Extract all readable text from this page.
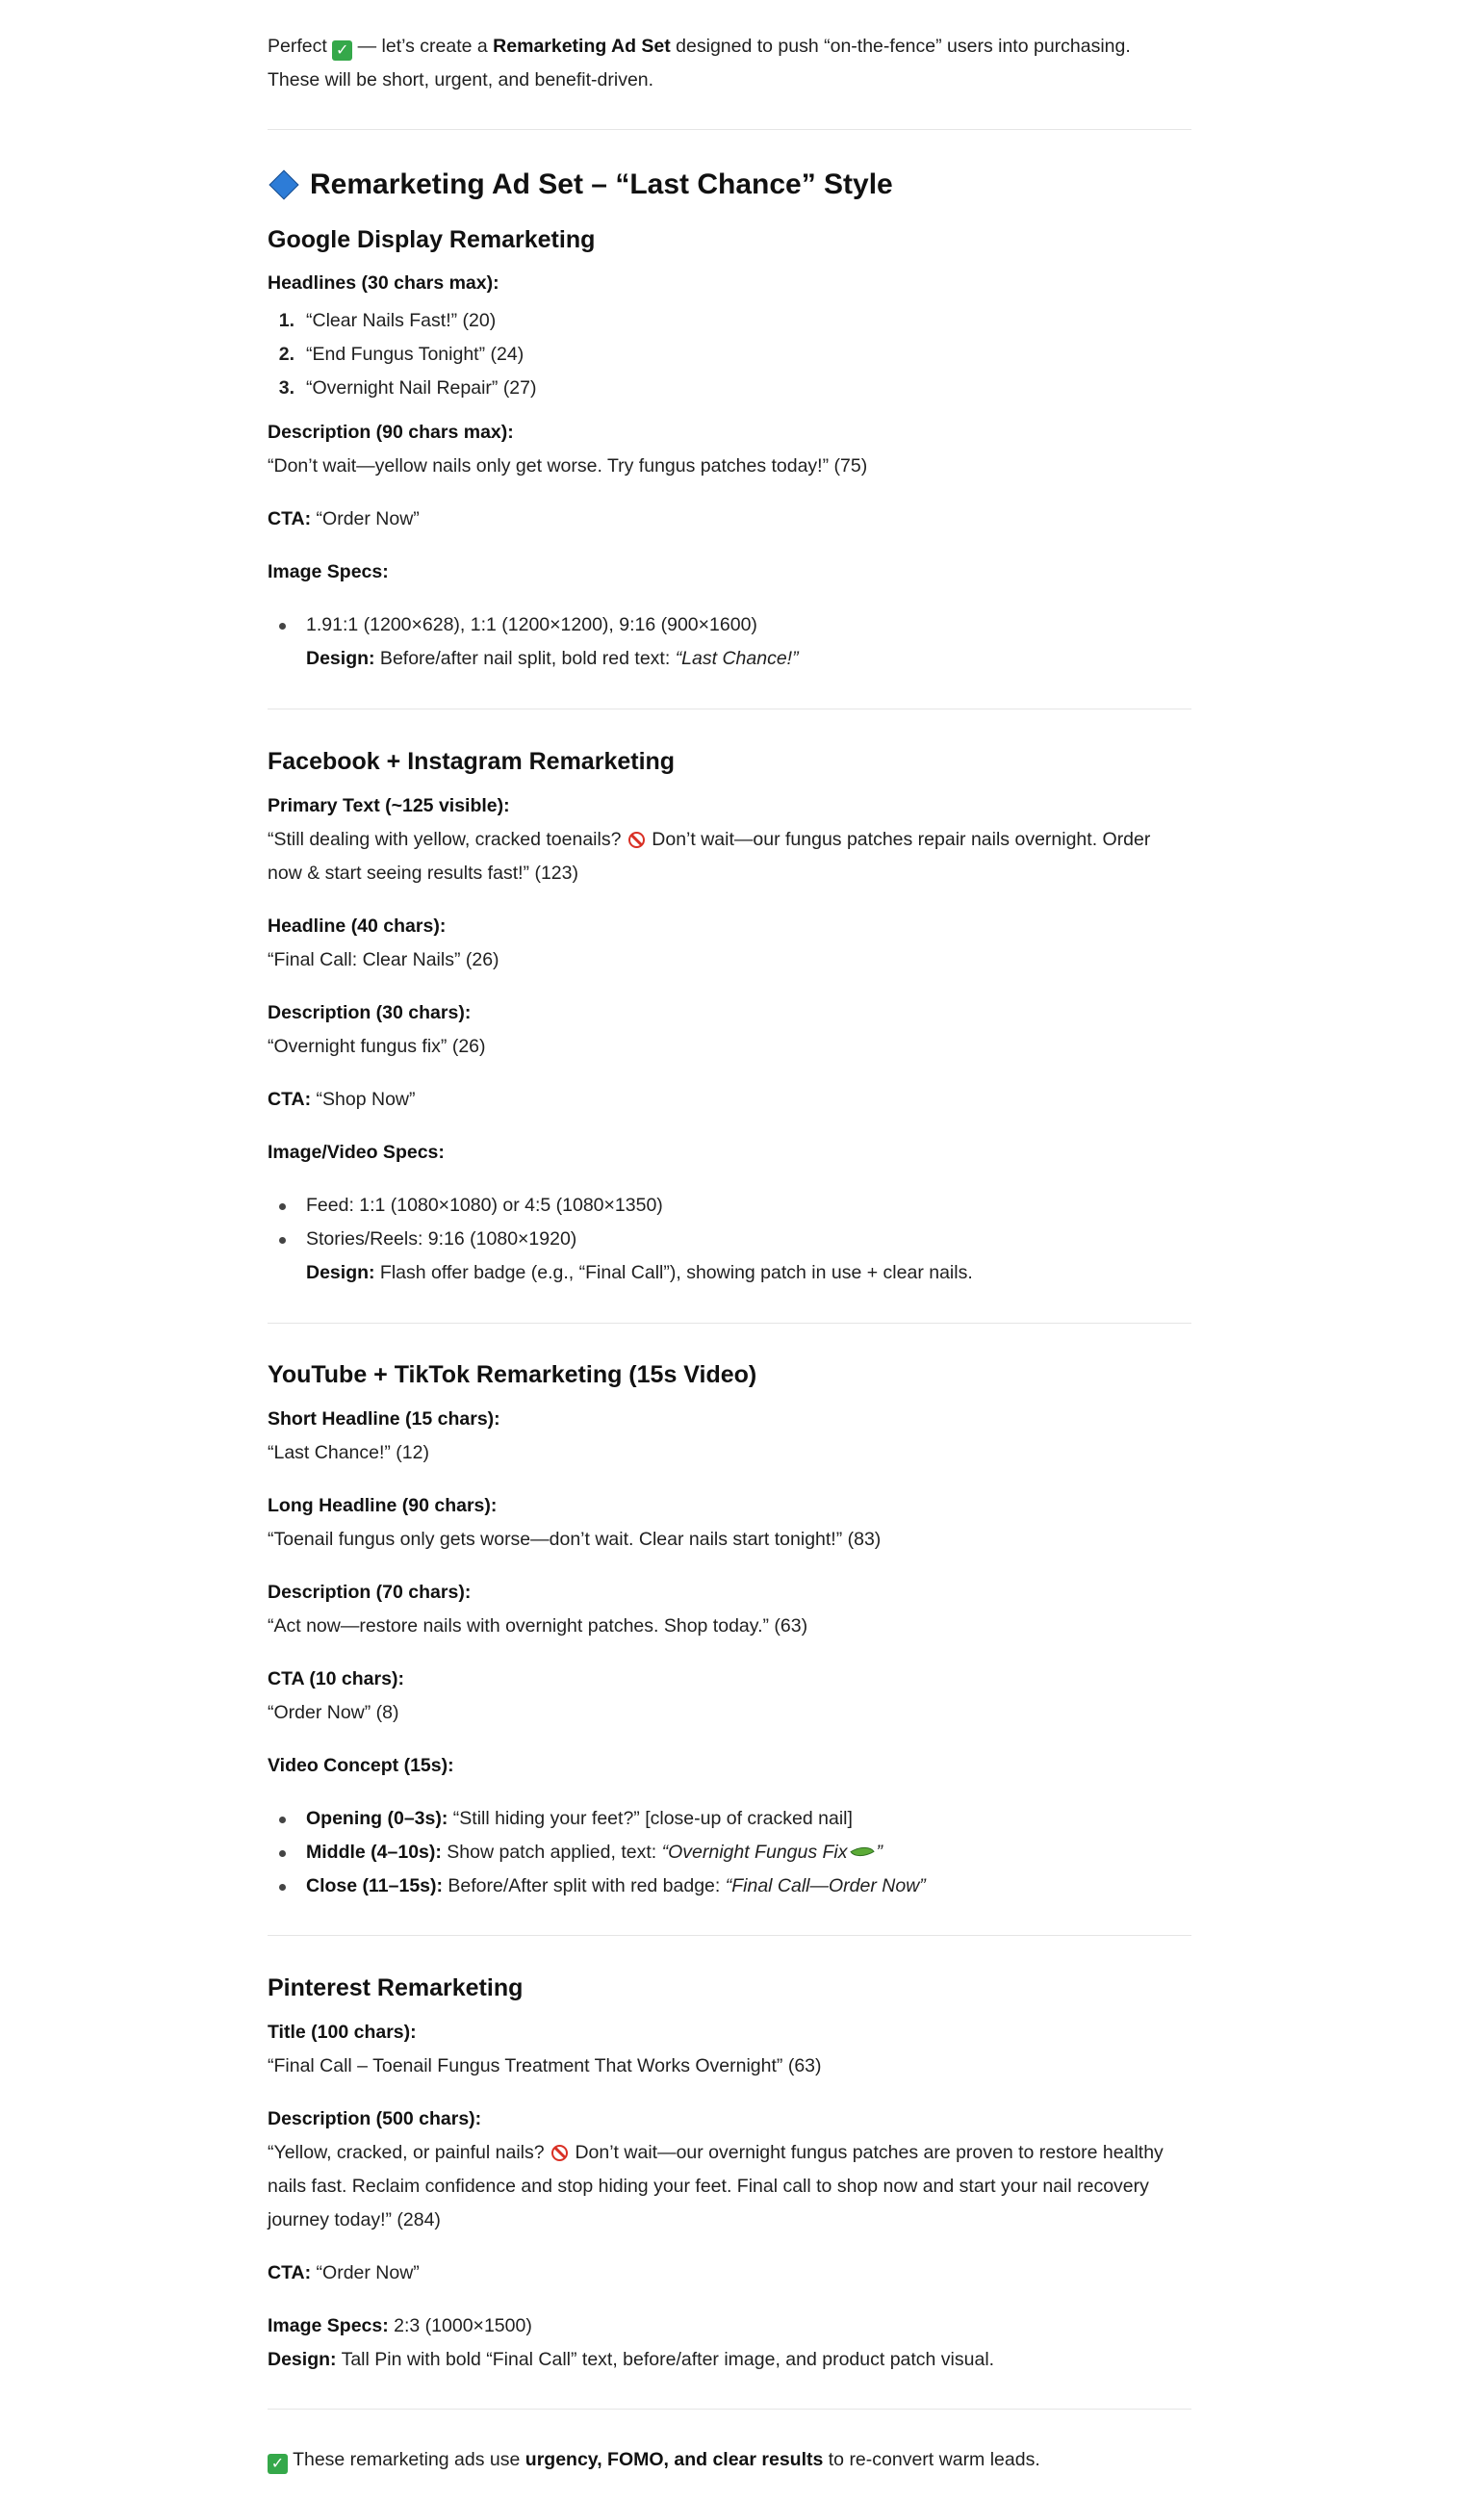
Perfect ✓ — let’s create a Remarketing Ad Set designed to push “on-the-fence” users into purchasing.

These will be short, urgent, and benefit-driven.

Remarketing Ad Set – “Last Chance” Style
Google Display Remarketing

Headlines (30 chars max):

1. “Clear Nails Fast!” (20)
2. “End Fungus Tonight” (24)
3. “Overnight Nail Repair” (27)

Description (90 chars max):

“Don’t wait—yellow nails only get worse. Try fungus patches today!” (75)

CTA: “Order Now”

Image Specs:

1.91:1 (1200×628), 1:1 (1200×1200), 9:16 (900×1600)

Design: Before/after nail split, bold red text: “Last Chance!”

Facebook + Instagram Remarketing

Primary Text (~125 visible):

“Still dealing with yellow, cracked toenails?  Don’t wait—our fungus patches repair nails overnight. Order

now & start seeing results fast!” (123)

Headline (40 chars):

“Final Call: Clear Nails” (26)

Description (30 chars):

“Overnight fungus fix” (26)

CTA: “Shop Now”

Image/Video Specs:

Feed: 1:1 (1080×1080) or 4:5 (1080×1350)
Stories/Reels: 9:16 (1080×1920)

Design: Flash offer badge (e.g., “Final Call”), showing patch in use + clear nails.

YouTube + TikTok Remarketing (15s Video)

Short Headline (15 chars):

“Last Chance!” (12)

Long Headline (90 chars):

“Toenail fungus only gets worse—don’t wait. Clear nails start tonight!” (83)

Description (70 chars):

“Act now—restore nails with overnight patches. Shop today.” (63)

CTA (10 chars):

“Order Now” (8)

Video Concept (15s):

Opening (0–3s): “Still hiding your feet?” [close-up of cracked nail]
Middle (4–10s): Show patch applied, text: “Overnight Fungus Fix ”
Close (11–15s): Before/After split with red badge: “Final Call—Order Now”
Pinterest Remarketing

Title (100 chars):

“Final Call – Toenail Fungus Treatment That Works Overnight” (63)

Description (500 chars):

“Yellow, cracked, or painful nails?  Don’t wait—our overnight fungus patches are proven to restore healthy

nails fast. Reclaim confidence and stop hiding your feet. Final call to shop now and start your nail recovery

journey today!” (284)

CTA: “Order Now”

Image Specs: 2:3 (1000×1500)

Design: Tall Pin with bold “Final Call” text, before/after image, and product patch visual.

✓ These remarketing ads use urgency, FOMO, and clear results to re-convert warm leads.
